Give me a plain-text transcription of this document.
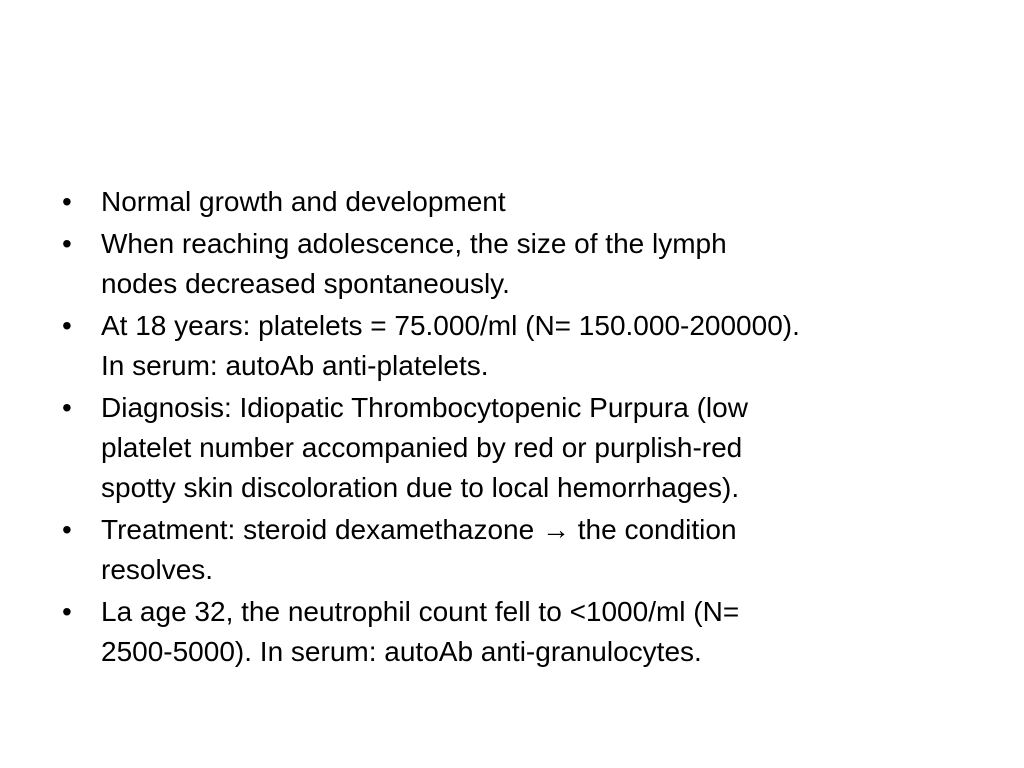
•	Normal growth and development
•	When reaching adolescence, the size of the lymph
nodes decreased spontaneously.
•	At 18 years: platelets = 75.000/ml (N= 150.000-200000).
In serum: autoAb anti-platelets.
•	Diagnosis: Idiopatic Thrombocytopenic Purpura (low
platelet number accompanied by red or purplish-red
spotty skin discoloration due to local hemorrhages).
•	Treatment: steroid dexamethazone → the condition
resolves.
•	La age 32, the neutrophil count fell to <1000/ml (N=
2500-5000). In serum: autoAb anti-granulocytes.
